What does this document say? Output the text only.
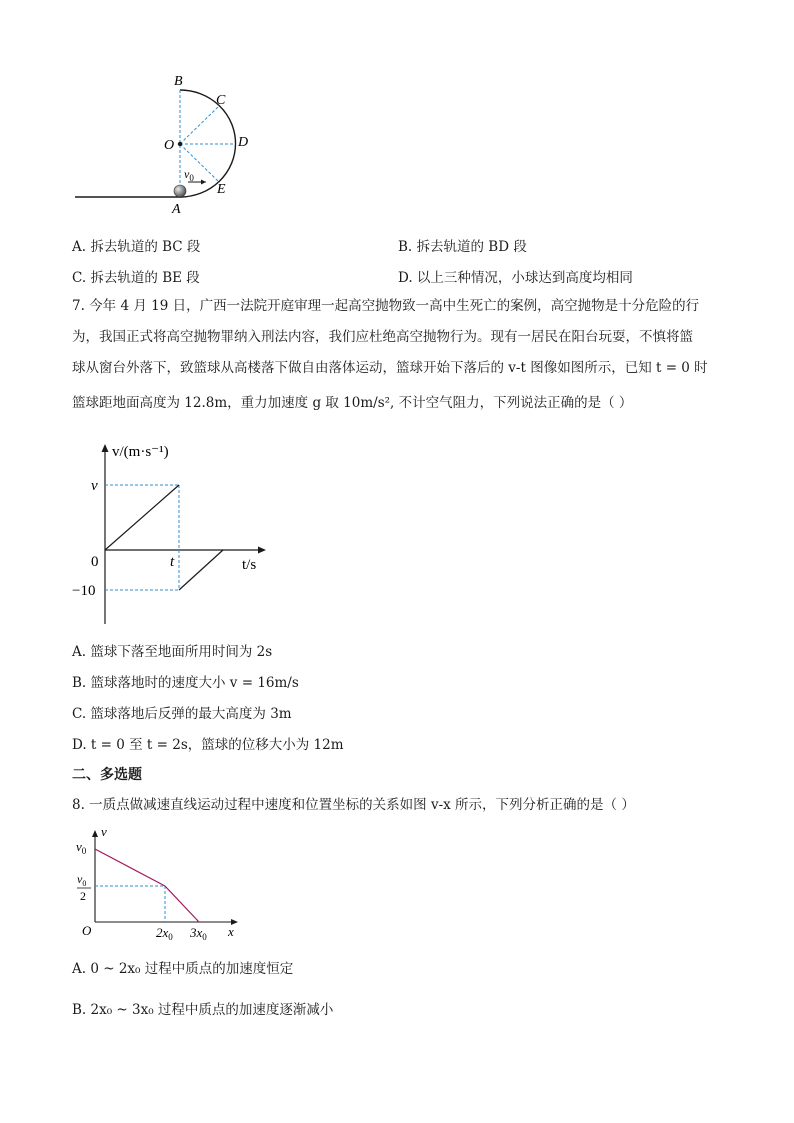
B
C
O	D
$v_0$
E
A
A. 拆去轨道的 BC 段	B. 拆去轨道的 BD 段
C. 拆去轨道的 BE 段	D. 以上三种情况，小球达到高度均相同
7. 今年 4 月 19 日，广西一法院开庭审理一起高空抛物致一高中生死亡的案例，高空抛物是十分危险的行
为，我国正式将高空抛物罪纳入刑法内容，我们应杜绝高空抛物行为。现有一居民在阳台玩耍，不慎将篮
球从窗台外落下，致篮球从高楼落下做自由落体运动，篮球开始下落后的 v-t 图像如图所示，已知 t = 0 时
篮球距地面高度为 12.8m，重力加速度 g 取 10m/s², 不计空气阻力，下列说法正确的是（ ）
v/(m·s⁻¹)
v
0	t	t/s
−10
A. 篮球下落至地面所用时间为 2s
B. 篮球落地时的速度大小 v = 16m/s
C. 篮球落地后反弹的最大高度为 3m
D. t = 0 至 t = 2s，篮球的位移大小为 12m
二、多选题
8. 一质点做减速直线运动过程中速度和位置坐标的关系如图 v-x 所示，下列分析正确的是（ ）
v
$v_0$
$v_0$
2
O	$2x_0$ $3x_0$ x
A. 0 ~ 2x₀ 过程中质点的加速度恒定
B. 2x₀ ~ 3x₀ 过程中质点的加速度逐渐减小
